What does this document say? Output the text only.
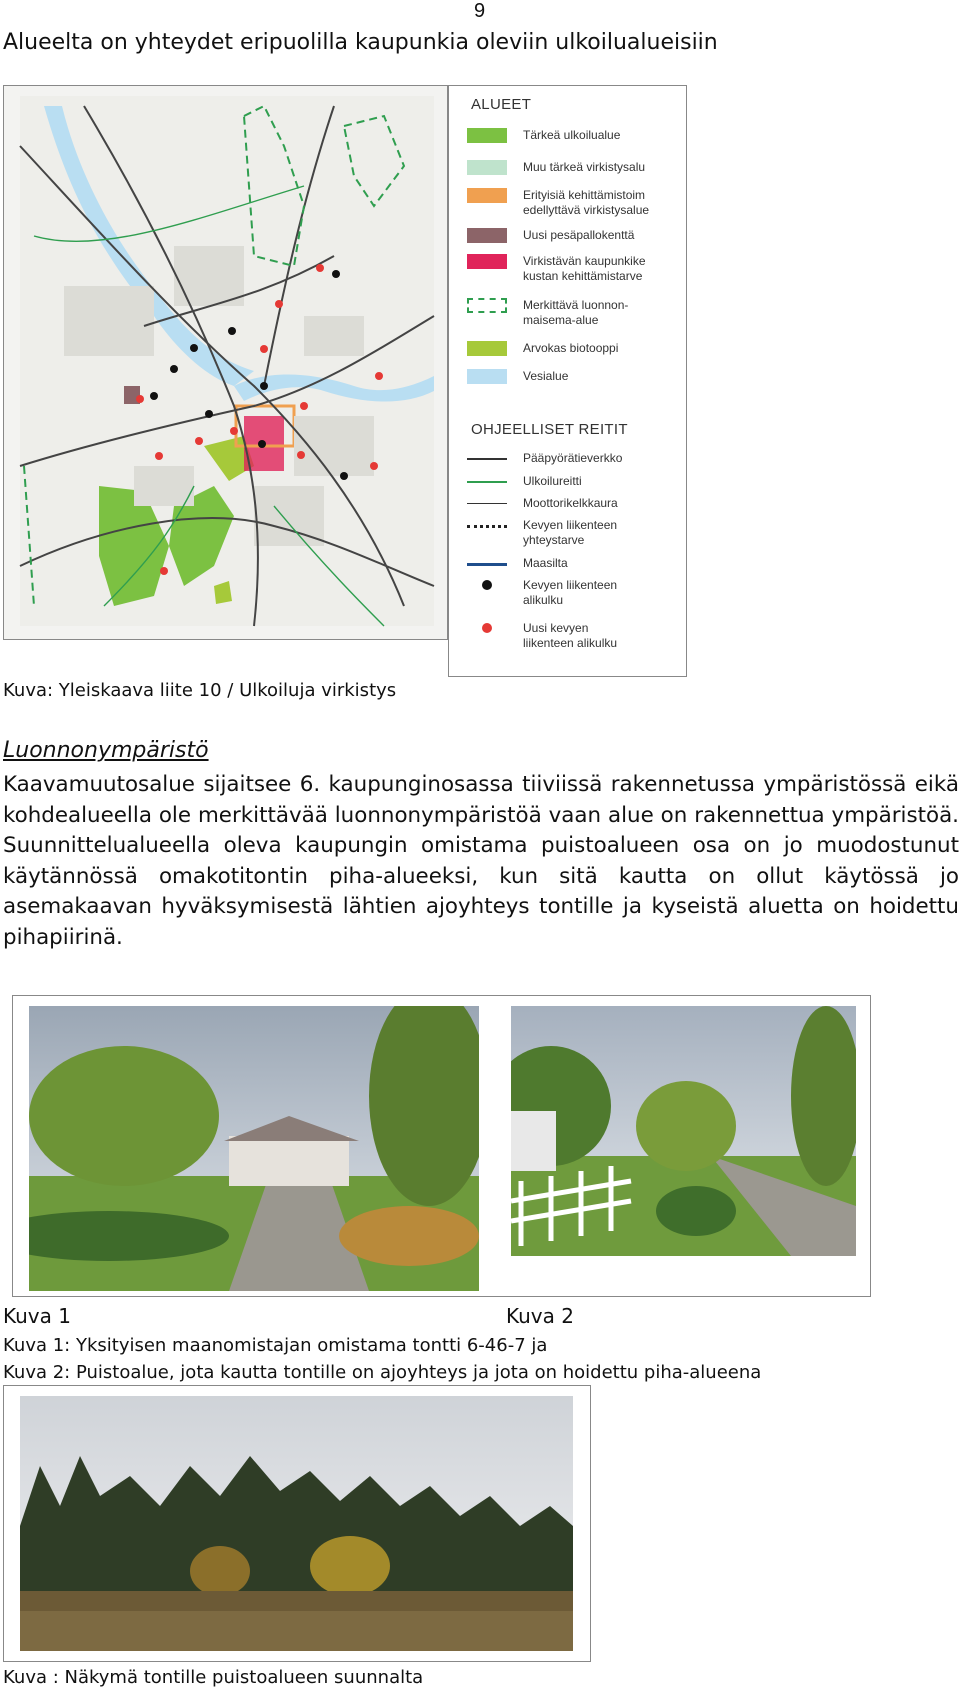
9
Alueelta on yhteydet eripuolilla kaupunkia oleviin ulkoilualueisiin
ALUEET
Tärkeä ulkoilualue
Muu tärkeä virkistysalu
Erityisiä kehittämistoim
edellyttävä virkistysalue
Uusi pesäpallokenttä
Virkistävän kaupunkike
kustan kehittämistarve
Merkittävä luonnon-
maisema-alue
Arvokas biotooppi
Vesialue
OHJEELLISET REITIT
Pääpyörätieverkko
Ulkoilureitti
Moottorikelkkaura
Kevyen liikenteen
yhteystarve
Maasilta
Kevyen liikenteen
alikulku
Uusi kevyen
liikenteen alikulku
Kuva: Yleiskaava liite 10 / Ulkoiluja virkistys
Luonnonympäristö

Kaavamuutosalue sijaitsee 6. kaupunginosassa tiiviissä rakennetussa ympäristössä eikä kohdealueella ole merkittävää luonnonympäristöä vaan alue on rakennettua ympäristöä. Suunnittelualueella oleva kaupungin omistama puistoalueen osa on jo muodostunut käytännössä omakotitontin piha-alueeksi, kun sitä kautta on ollut käytössä jo asemakaavan hyväksymisestä lähtien ajoyhteys tontille ja kyseistä aluetta on hoidettu pihapiirinä.

Kuva 1	Kuva 2
Kuva 1: Yksityisen maanomistajan omistama tontti 6-46-7 ja
Kuva 2: Puistoalue, jota kautta tontille on ajoyhteys ja jota on hoidettu piha-alueena
Kuva : Näkymä tontille puistoalueen suunnalta
